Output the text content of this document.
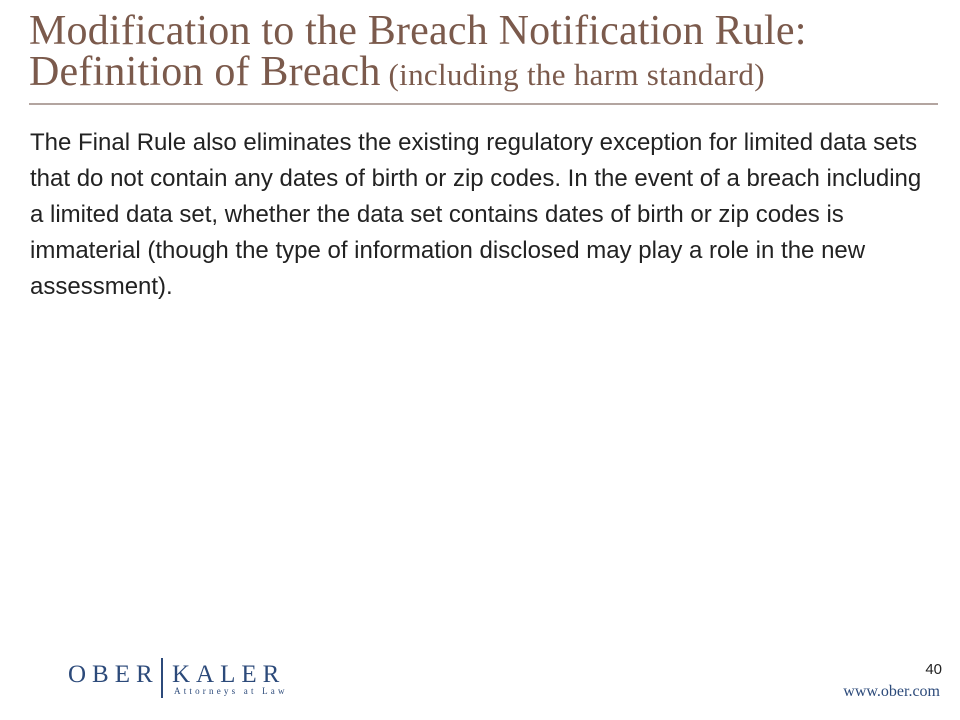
Modification to the Breach Notification Rule:
Definition of Breach (including the harm standard)

The Final Rule also eliminates the existing regulatory exception for limited data sets that do not contain any dates of birth or zip codes. In the event of a breach including a limited data set, whether the data set contains dates of birth or zip codes is immaterial (though the type of information disclosed may play a role in the new assessment).

OBER KALER
Attorneys at Law
40
www.ober.com
